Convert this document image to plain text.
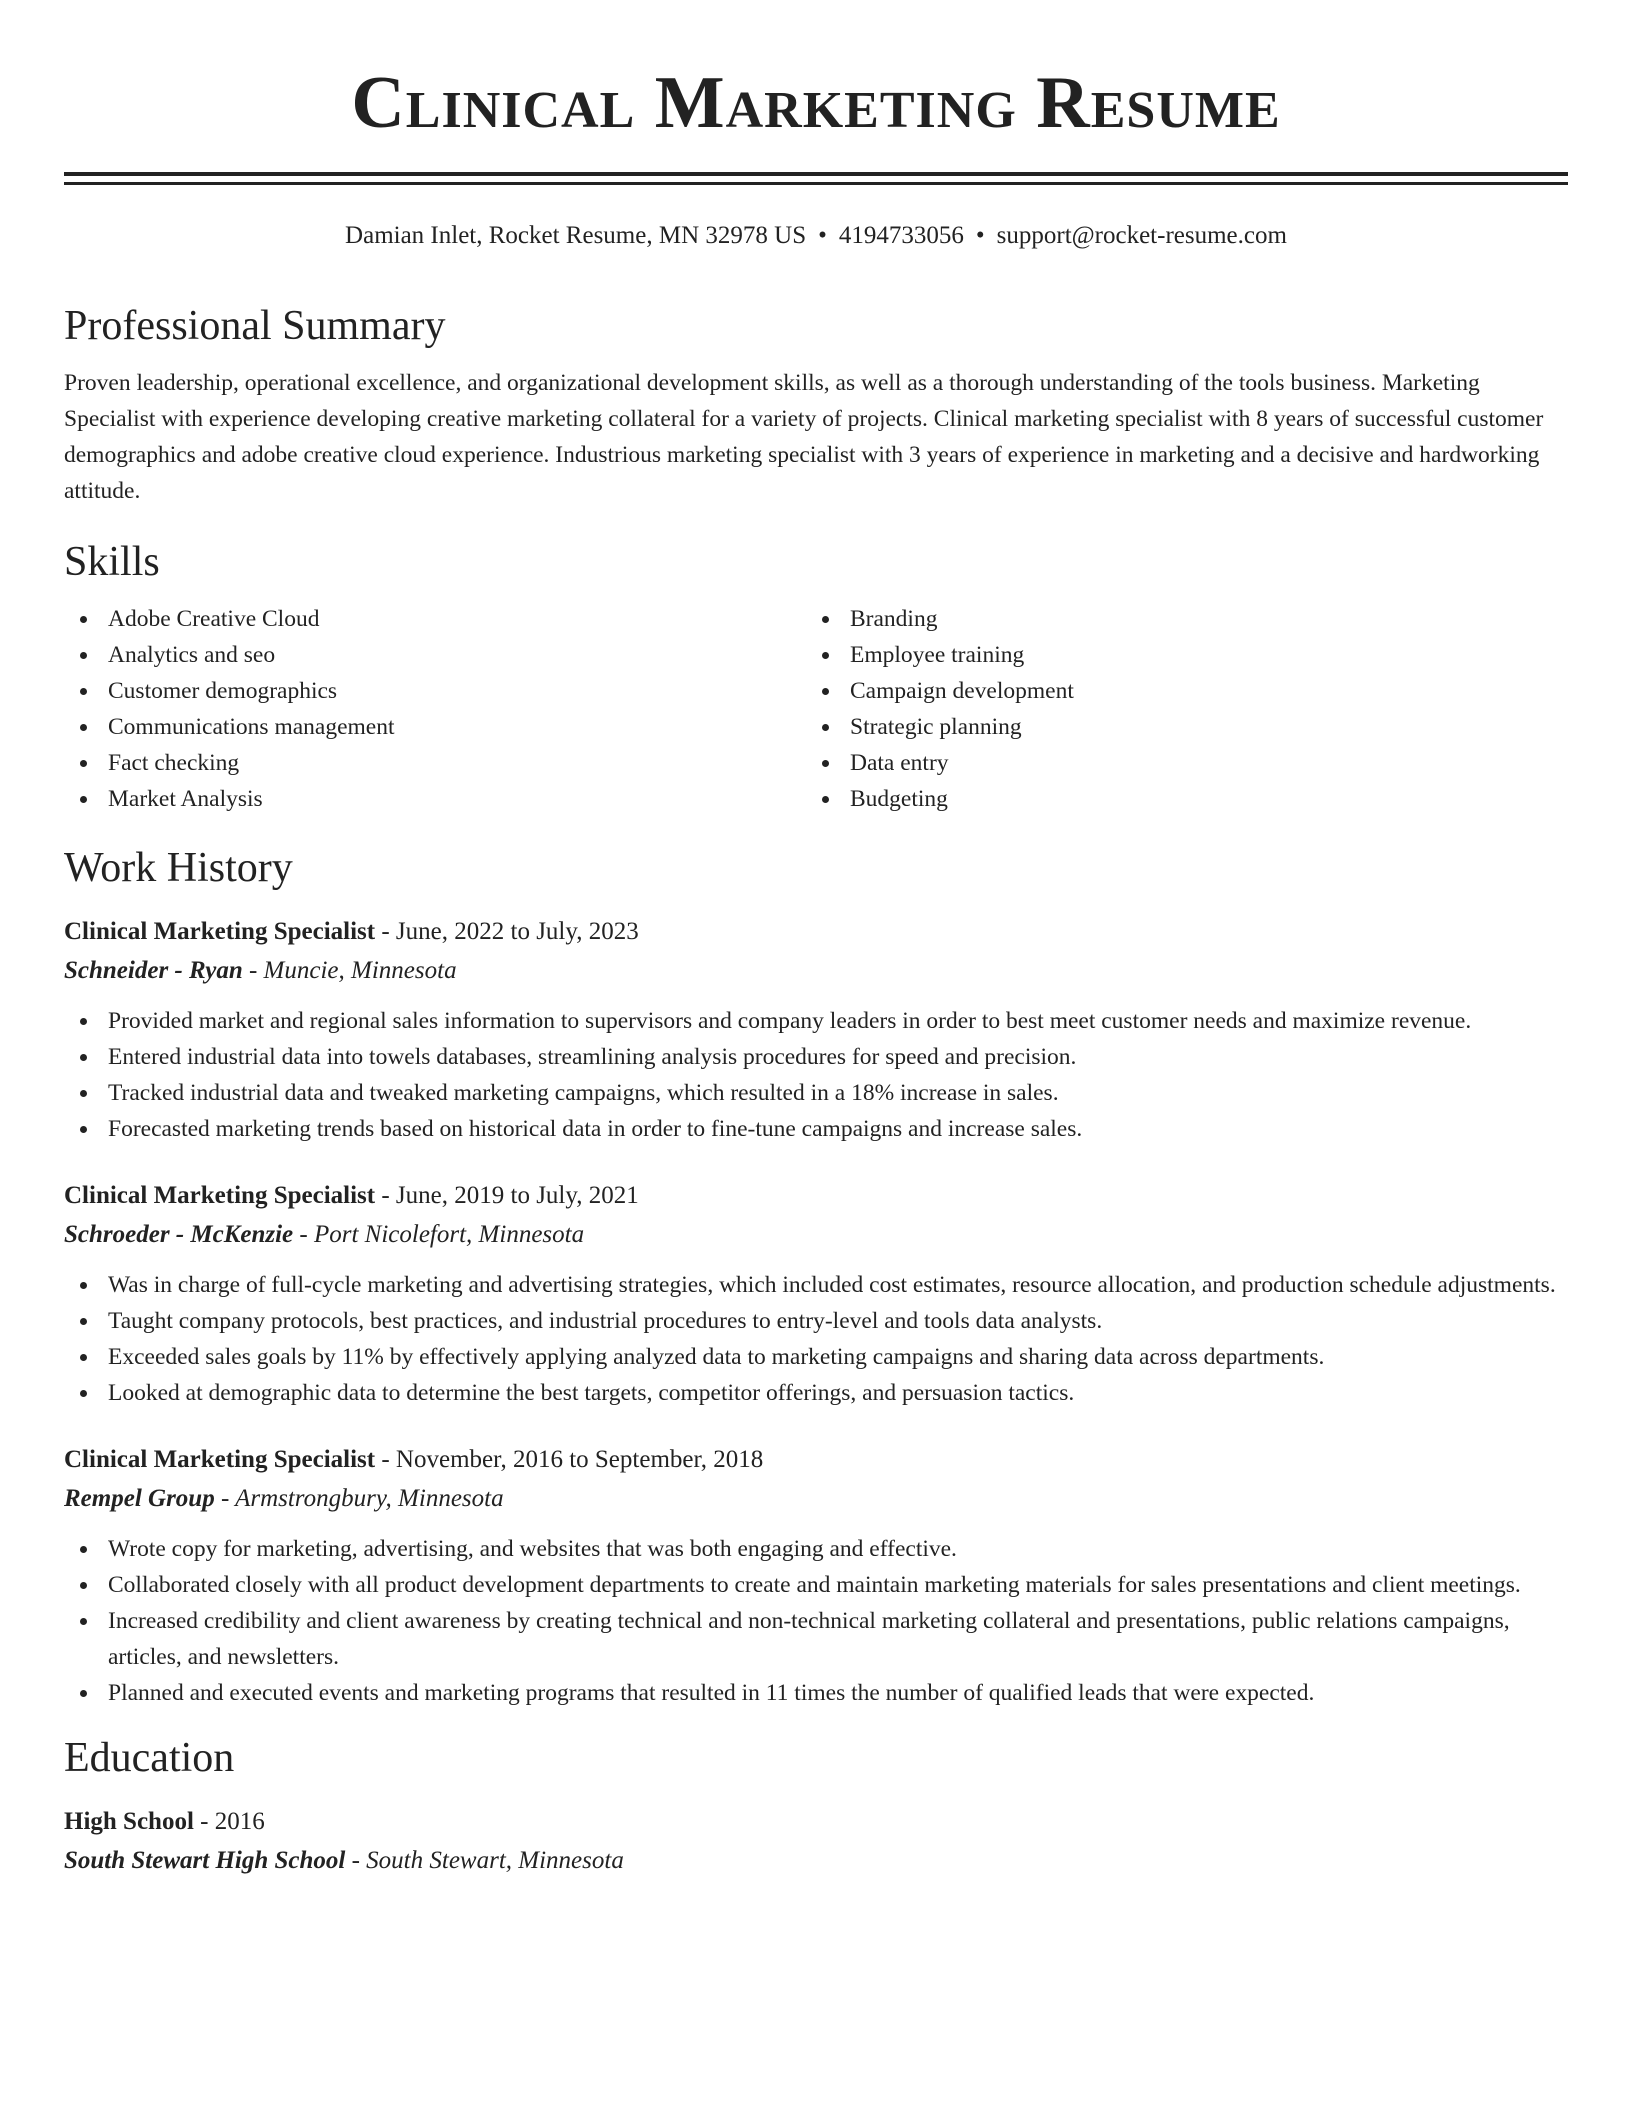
Clinical Marketing Resume
Damian Inlet, Rocket Resume, MN 32978 US • 4194733056 • support@rocket-resume.com
Professional Summary

Proven leadership, operational excellence, and organizational development skills, as well as a thorough understanding of the tools business. Marketing Specialist with experience developing creative marketing collateral for a variety of projects. Clinical marketing specialist with 8 years of successful customer demographics and adobe creative cloud experience. Industrious marketing specialist with 3 years of experience in marketing and a decisive and hardworking attitude.

Skills
Adobe Creative Cloud
Analytics and seo
Customer demographics
Communications management
Fact checking
Market Analysis
Branding
Employee training
Campaign development
Strategic planning
Data entry
Budgeting
Work History
Clinical Marketing Specialist - June, 2022 to July, 2023
Schneider - Ryan - Muncie, Minnesota
Provided market and regional sales information to supervisors and company leaders in order to best meet customer needs and maximize revenue.
Entered industrial data into towels databases, streamlining analysis procedures for speed and precision.
Tracked industrial data and tweaked marketing campaigns, which resulted in a 18% increase in sales.
Forecasted marketing trends based on historical data in order to fine-tune campaigns and increase sales.
Clinical Marketing Specialist - June, 2019 to July, 2021
Schroeder - McKenzie - Port Nicolefort, Minnesota
Was in charge of full-cycle marketing and advertising strategies, which included cost estimates, resource allocation, and production schedule adjustments.
Taught company protocols, best practices, and industrial procedures to entry-level and tools data analysts.
Exceeded sales goals by 11% by effectively applying analyzed data to marketing campaigns and sharing data across departments.
Looked at demographic data to determine the best targets, competitor offerings, and persuasion tactics.
Clinical Marketing Specialist - November, 2016 to September, 2018
Rempel Group - Armstrongbury, Minnesota
Wrote copy for marketing, advertising, and websites that was both engaging and effective.
Collaborated closely with all product development departments to create and maintain marketing materials for sales presentations and client meetings.
Increased credibility and client awareness by creating technical and non-technical marketing collateral and presentations, public relations campaigns, articles, and newsletters.
Planned and executed events and marketing programs that resulted in 11 times the number of qualified leads that were expected.
Education
High School - 2016
South Stewart High School - South Stewart, Minnesota
